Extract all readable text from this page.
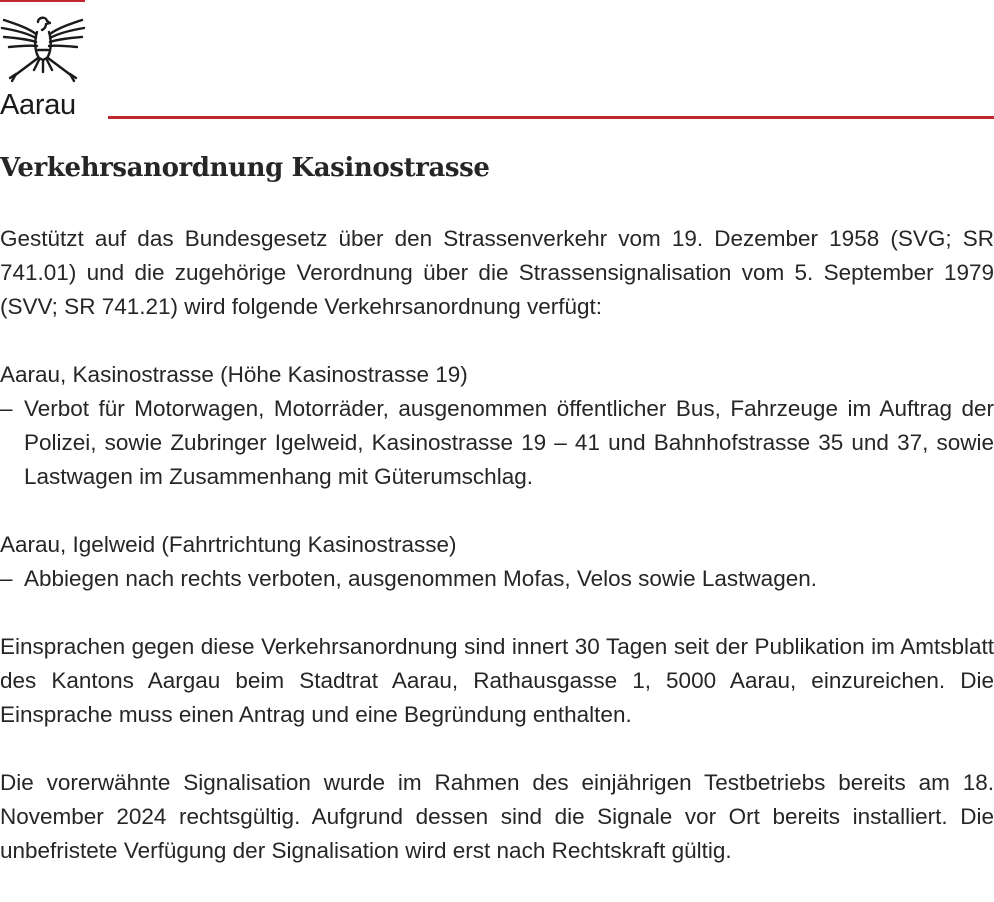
Aarau
Verkehrsanordnung Kasinostrasse

Gestützt auf das Bundesgesetz über den Strassenverkehr vom 19. Dezember 1958 (SVG; SR 741.01) und die zugehörige Verordnung über die Strassensignalisation vom 5. September 1979 (SVV; SR 741.21) wird folgende Verkehrsanordnung verfügt:

Aarau, Kasinostrasse (Höhe Kasinostrasse 19)
– Verbot für Motorwagen, Motorräder, ausgenommen öffentlicher Bus, Fahrzeuge im Auftrag der Polizei, sowie Zubringer Igelweid, Kasinostrasse 19 – 41 und Bahnhofstrasse 35 und 37, sowie Lastwagen im Zusammenhang mit Güterumschlag.
Aarau, Igelweid (Fahrtrichtung Kasinostrasse)
– Abbiegen nach rechts verboten, ausgenommen Mofas, Velos sowie Lastwagen.

Einsprachen gegen diese Verkehrsanordnung sind innert 30 Tagen seit der Publikation im Amtsblatt des Kantons Aargau beim Stadtrat Aarau, Rathausgasse 1, 5000 Aarau, einzureichen. Die Einsprache muss einen Antrag und eine Begründung enthalten.

Die vorerwähnte Signalisation wurde im Rahmen des einjährigen Testbetriebs bereits am 18. November 2024 rechtsgültig. Aufgrund dessen sind die Signale vor Ort bereits installiert. Die unbefristete Verfügung der Signalisation wird erst nach Rechtskraft gültig.
